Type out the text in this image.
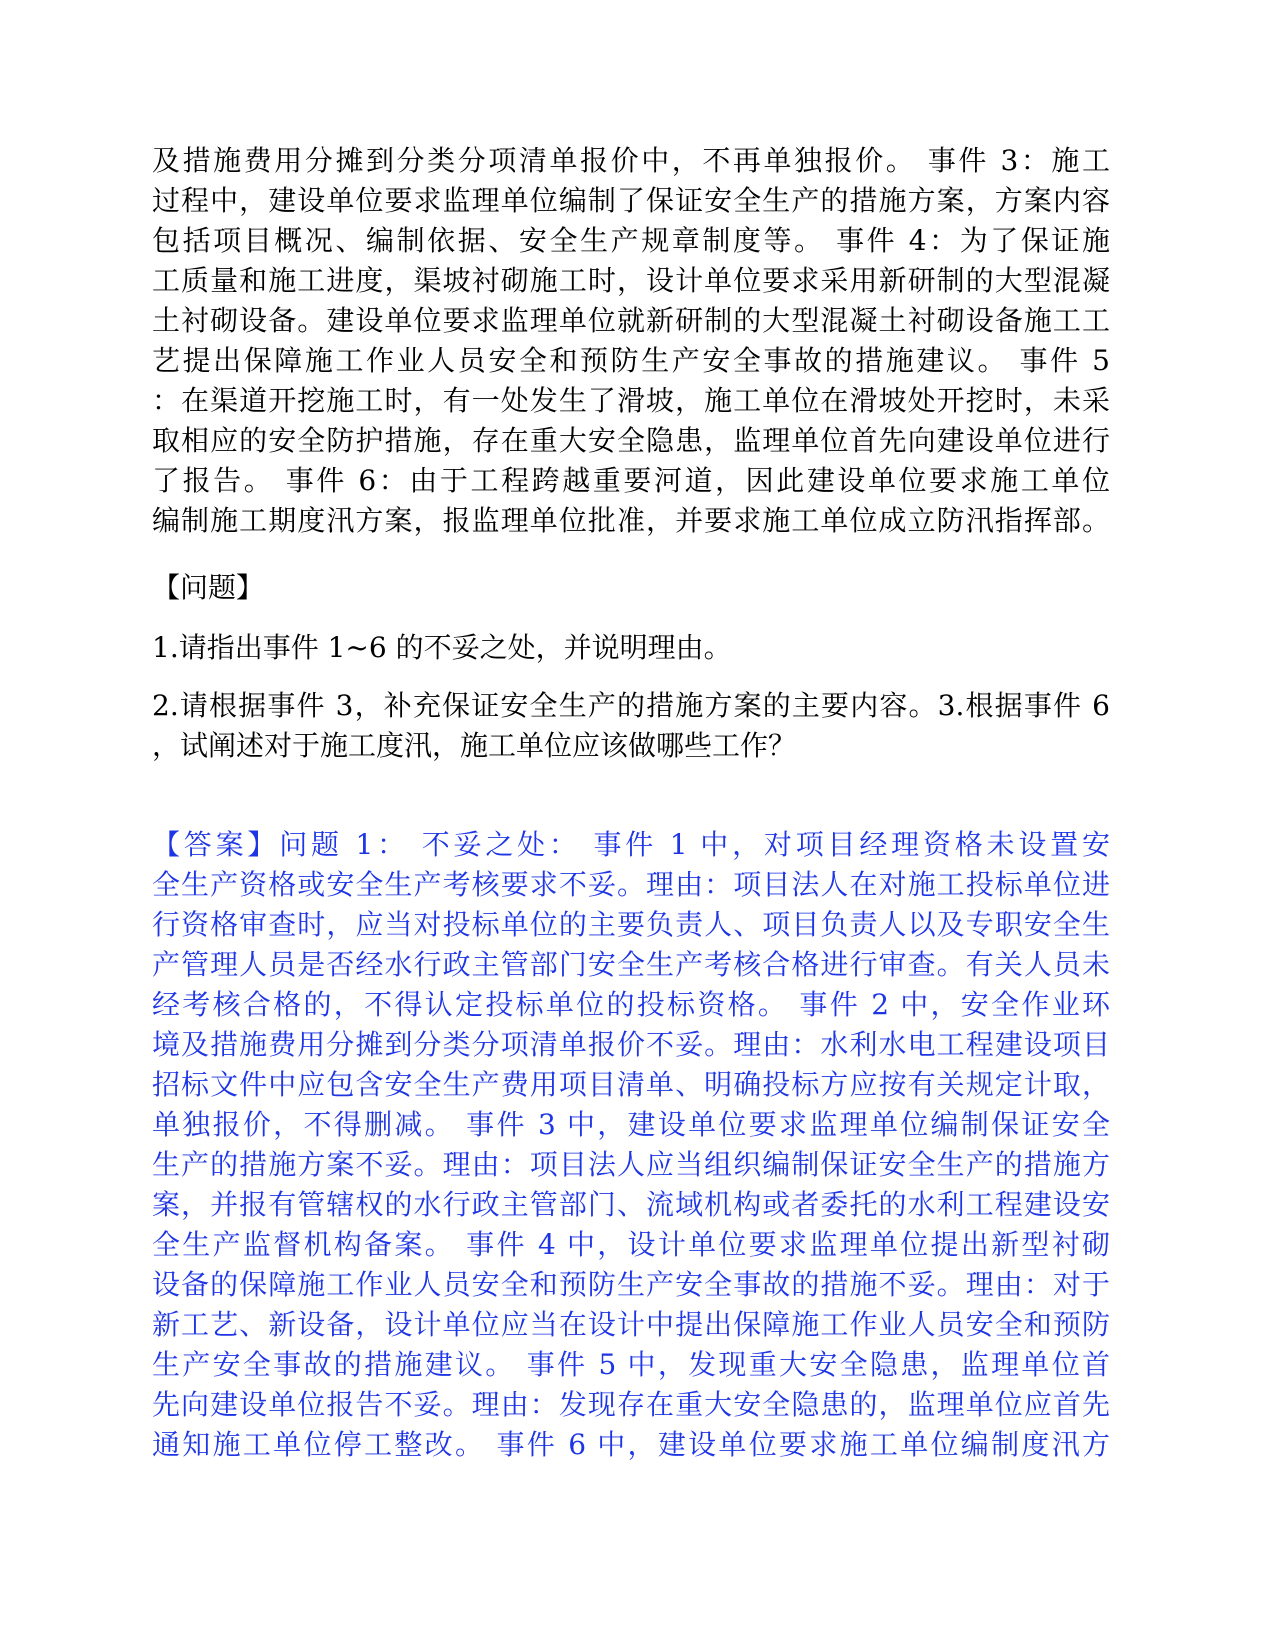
及措施费用分摊到分类分项清单报价中，不再单独报价。 事件 3：施工
过程中，建设单位要求监理单位编制了保证安全生产的措施方案，方案内容
包括项目概况、编制依据、安全生产规章制度等。 事件 4：为了保证施
工质量和施工进度，渠坡衬砌施工时，设计单位要求采用新研制的大型混凝
土衬砌设备。建设单位要求监理单位就新研制的大型混凝土衬砌设备施工工
艺提出保障施工作业人员安全和预防生产安全事故的措施建议。 事件 5
：在渠道开挖施工时，有一处发生了滑坡，施工单位在滑坡处开挖时，未采
取相应的安全防护措施，存在重大安全隐患，监理单位首先向建设单位进行
了报告。 事件 6：由于工程跨越重要河道，因此建设单位要求施工单位
编制施工期度汛方案，报监理单位批准，并要求施工单位成立防汛指挥部。
【问题】
1.请指出事件 1~6 的不妥之处，并说明理由。
2.请根据事件 3，补充保证安全生产的措施方案的主要内容。3.根据事件 6
，试阐述对于施工度汛，施工单位应该做哪些工作？
【答案】问题 1： 不妥之处： 事件 1 中，对项目经理资格未设置安
全生产资格或安全生产考核要求不妥。理由：项目法人在对施工投标单位进
行资格审查时，应当对投标单位的主要负责人、项目负责人以及专职安全生
产管理人员是否经水行政主管部门安全生产考核合格进行审查。有关人员未
经考核合格的，不得认定投标单位的投标资格。 事件 2 中，安全作业环
境及措施费用分摊到分类分项清单报价不妥。理由：水利水电工程建设项目
招标文件中应包含安全生产费用项目清单、明确投标方应按有关规定计取，
单独报价，不得删减。 事件 3 中，建设单位要求监理单位编制保证安全
生产的措施方案不妥。理由：项目法人应当组织编制保证安全生产的措施方
案，并报有管辖权的水行政主管部门、流域机构或者委托的水利工程建设安
全生产监督机构备案。 事件 4 中，设计单位要求监理单位提出新型衬砌
设备的保障施工作业人员安全和预防生产安全事故的措施不妥。理由：对于
新工艺、新设备，设计单位应当在设计中提出保障施工作业人员安全和预防
生产安全事故的措施建议。 事件 5 中，发现重大安全隐患，监理单位首
先向建设单位报告不妥。理由：发现存在重大安全隐患的，监理单位应首先
通知施工单位停工整改。 事件 6 中，建设单位要求施工单位编制度汛方
